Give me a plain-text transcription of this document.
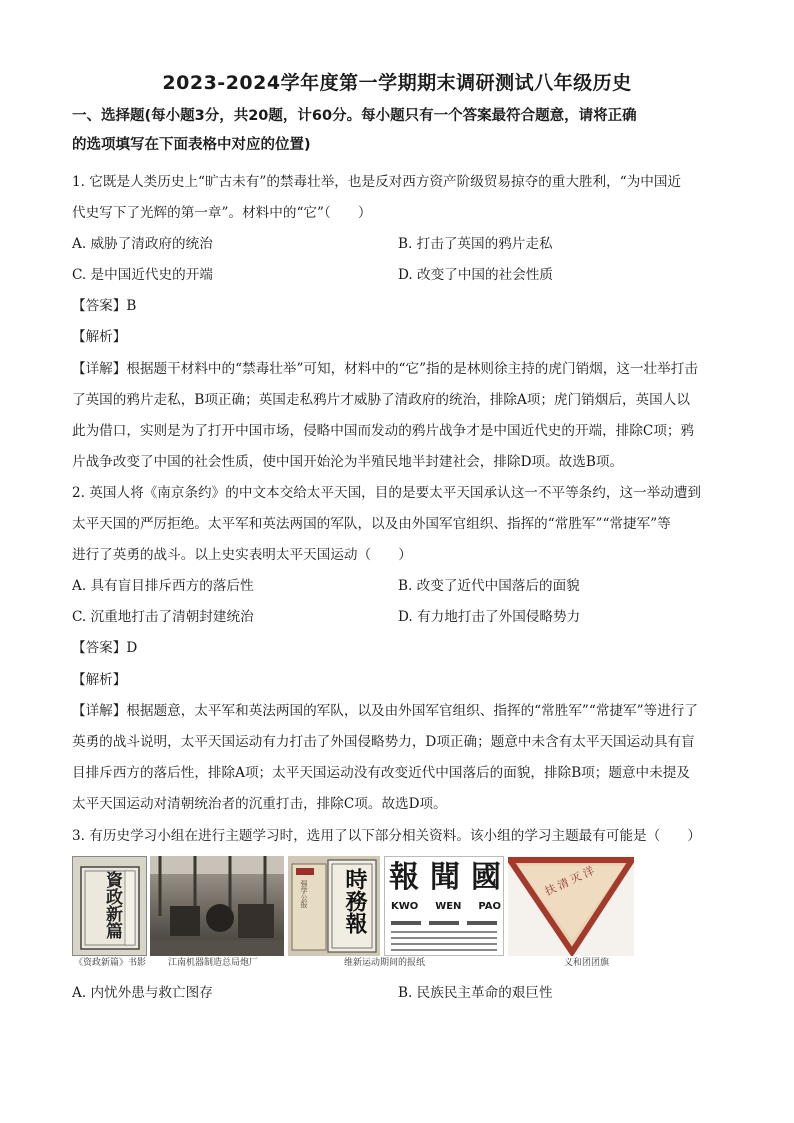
2023-2024学年度第一学期期末调研测试八年级历史
一、选择题(每小题3分，共20题，计60分。每小题只有一个答案最符合题意，请将正确
的选项填写在下面表格中对应的位置)
1. 它既是人类历史上“旷古未有”的禁毒壮举，也是反对西方资产阶级贸易掠夺的重大胜利，“为中国近
代史写下了光辉的第一章”。材料中的“它”（　　）
A. 威胁了清政府的统治	B. 打击了英国的鸦片走私
C. 是中国近代史的开端	D. 改变了中国的社会性质
【答案】B
【解析】
【详解】根据题干材料中的“禁毒壮举”可知，材料中的“它”指的是林则徐主持的虎门销烟，这一壮举打击
了英国的鸦片走私，B项正确；英国走私鸦片才威胁了清政府的统治，排除A项；虎门销烟后，英国人以
此为借口，实则是为了打开中国市场，侵略中国而发动的鸦片战争才是中国近代史的开端，排除C项；鸦
片战争改变了中国的社会性质，使中国开始沦为半殖民地半封建社会，排除D项。故选B项。
2. 英国人将《南京条约》的中文本交给太平天国，目的是要太平天国承认这一不平等条约，这一举动遭到
太平天国的严厉拒绝。太平军和英法两国的军队，以及由外国军官组织、指挥的“常胜军”“常捷军”等
进行了英勇的战斗。以上史实表明太平天国运动（　　）
A. 具有盲目排斥西方的落后性	B. 改变了近代中国落后的面貌
C. 沉重地打击了清朝封建统治	D. 有力地打击了外国侵略势力
【答案】D
【解析】
【详解】根据题意，太平军和英法两国的军队，以及由外国军官组织、指挥的“常胜军”“常捷军”等进行了
英勇的战斗说明，太平天国运动有力打击了外国侵略势力，D项正确；题意中未含有太平天国运动具有盲
目排斥西方的落后性，排除A项；太平天国运动没有改变近代中国落后的面貌，排除B项；题意中未提及
太平天国运动对清朝统治者的沉重打击，排除C项。故选D项。
3. 有历史学习小组在进行主题学习时，选用了以下部分相关资料。该小组的学习主题最有可能是（　　）
資政新篇	强学公报 時務報 報 聞 國
KWO WEN PAO
扶清灭洋
《资政新篇》书影 江南机器制造总局炮厂	维新运动期间的报纸	义和团团旗
A. 内忧外患与救亡图存	B. 民族民主革命的艰巨性
